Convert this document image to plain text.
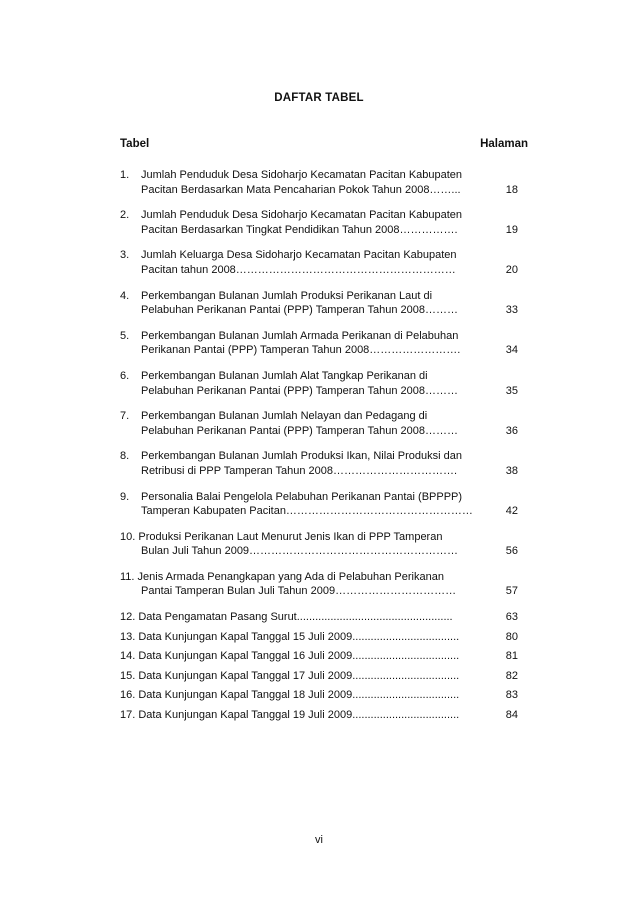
DAFTAR TABEL
Tabel	Halaman
1. Jumlah Penduduk Desa Sidoharjo Kecamatan Pacitan Kabupaten
Pacitan Berdasarkan Mata Pencaharian Pokok Tahun 2008……...	18
2. Jumlah Penduduk Desa Sidoharjo Kecamatan Pacitan Kabupaten
Pacitan Berdasarkan Tingkat Pendidikan Tahun 2008…………….	19
3. Jumlah Keluarga Desa Sidoharjo Kecamatan Pacitan Kabupaten
Pacitan tahun 2008……………………………………………………	20
4. Perkembangan Bulanan Jumlah Produksi Perikanan Laut di
Pelabuhan Perikanan Pantai (PPP) Tamperan Tahun 2008………	33
5. Perkembangan Bulanan Jumlah Armada Perikanan di Pelabuhan
Perikanan Pantai (PPP) Tamperan Tahun 2008…………………….	34
6. Perkembangan Bulanan Jumlah Alat Tangkap Perikanan di
Pelabuhan Perikanan Pantai (PPP) Tamperan Tahun 2008………	35
7. Perkembangan Bulanan Jumlah Nelayan dan Pedagang di
Pelabuhan Perikanan Pantai (PPP) Tamperan Tahun 2008………	36
8. Perkembangan Bulanan Jumlah Produksi Ikan, Nilai Produksi dan
Retribusi di PPP Tamperan Tahun 2008…………………………….	38
9. Personalia Balai Pengelola Pelabuhan Perikanan Pantai (BPPPP)
Tamperan Kabupaten Pacitan……………………………………………	42
10. Produksi Perikanan Laut Menurut Jenis Ikan di PPP Tamperan
Bulan Juli Tahun 2009…………………………………………………	56
11. Jenis Armada Penangkapan yang Ada di Pelabuhan Perikanan
Pantai Tamperan Bulan Juli Tahun 2009……………………………	57
12. Data Pengamatan Pasang Surut...................................................	63
13. Data Kunjungan Kapal Tanggal 15 Juli 2009...................................	80
14. Data Kunjungan Kapal Tanggal 16 Juli 2009...................................	81
15. Data Kunjungan Kapal Tanggal 17 Juli 2009...................................	82
16. Data Kunjungan Kapal Tanggal 18 Juli 2009...................................	83
17. Data Kunjungan Kapal Tanggal 19 Juli 2009...................................	84
vi
